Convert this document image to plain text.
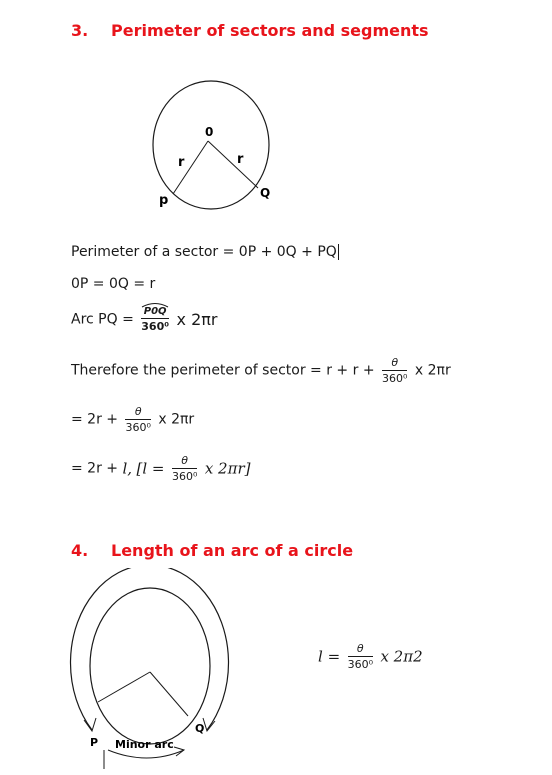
3. Perimeter of sectors and segments
0
r	r
p	Q
Perimeter of a sector = 0P + 0Q + PQ
0P = 0Q = r
Arc PQ = $\frac{P0Q}{\text{360⁰}}$ x 2πr
Therefore the perimeter of sector = $r + r + \frac{\theta}{\text{360⁰}}$ x 2πr
= $2r + \frac{\theta}{\text{360⁰}}$ x 2πr
= 2r + l, [$l = \frac{\theta}{\text{360⁰}}$ x 2πr]
4. Length of an arc of a circle
P
Q
Minor arc
$l = \frac{\theta}{\text{360⁰}}$ x 2π2
